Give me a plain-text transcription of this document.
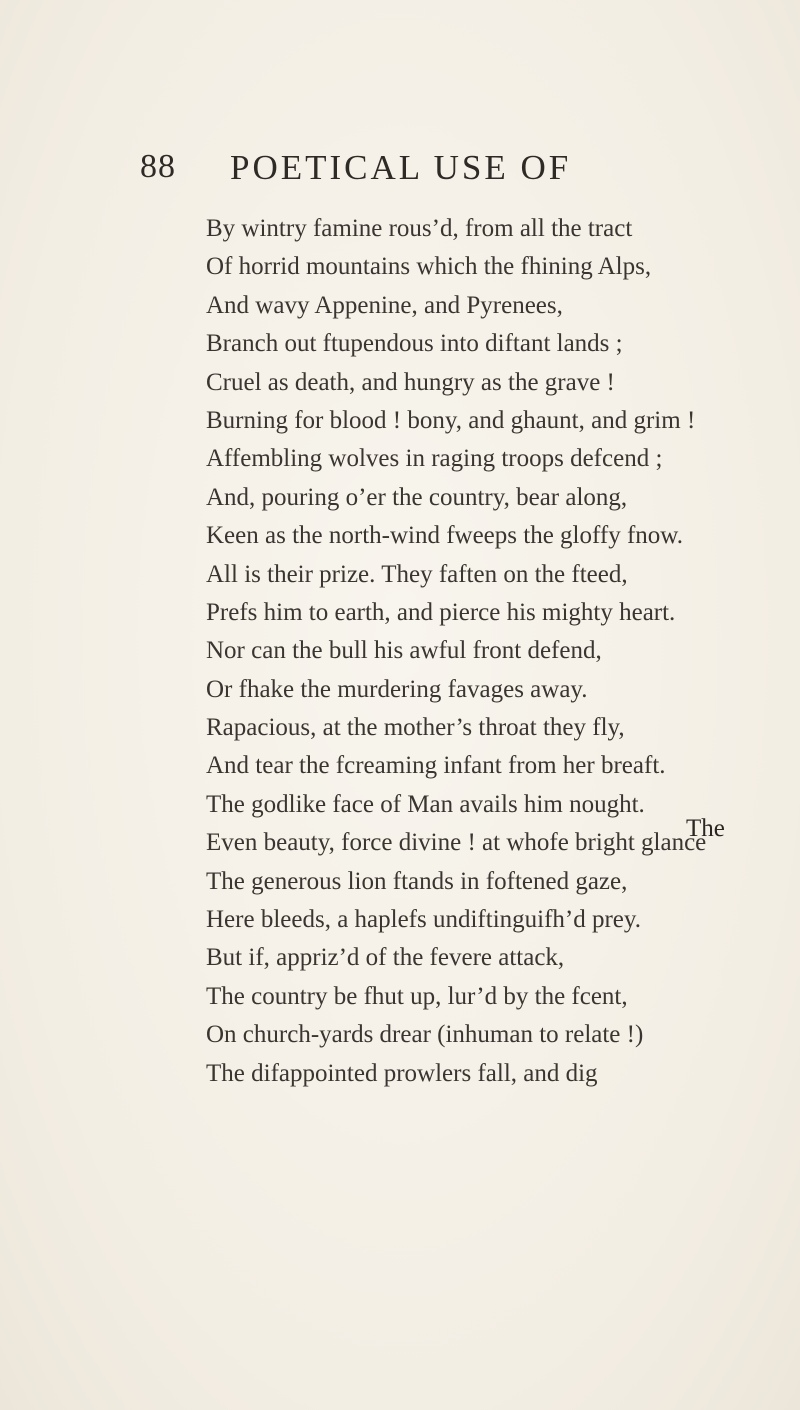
88 POETICAL USE OF
By wintry famine rous’d, from all the tract
Of horrid mountains which the fhining Alps,
And wavy Appenine, and Pyrenees,
Branch out ftupendous into diftant lands ;
Cruel as death, and hungry as the grave !
Burning for blood ! bony, and ghaunt, and grim !
Affembling wolves in raging troops defcend ;
And, pouring o’er the country, bear along,
Keen as the north-wind fweeps the gloffy fnow.
All is their prize. They faften on the fteed,
Prefs him to earth, and pierce his mighty heart.
Nor can the bull his awful front defend,
Or fhake the murdering favages away.
Rapacious, at the mother’s throat they fly,
And tear the fcreaming infant from her breaft.
The godlike face of Man avails him nought.
Even beauty, force divine ! at whofe bright glance
The generous lion ftands in foftened gaze,
Here bleeds, a haplefs undiftinguifh’d prey.
But if, appriz’d of the fevere attack,
The country be fhut up, lur’d by the fcent,
On church-yards drear (inhuman to relate !)
The difappointed prowlers fall, and dig
The
